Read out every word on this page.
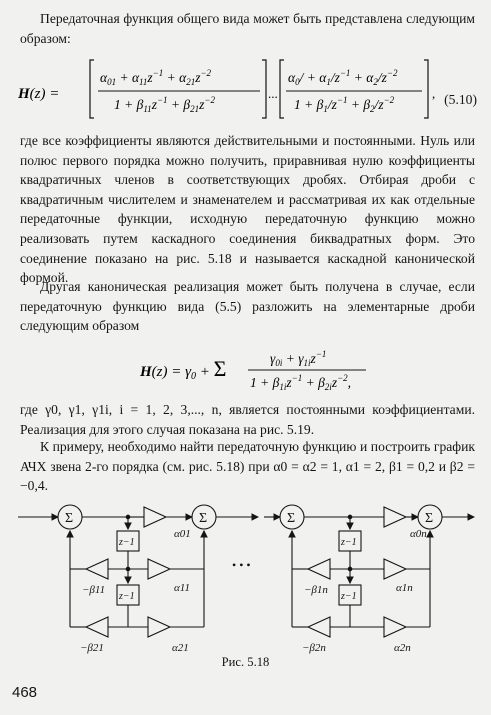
Передаточная функция общего вида может быть представлена следующим образом:

H(z) =
$\alpha_{01} + \alpha_{11}z^{-1} + \alpha_{21}z^{-2}$
$1 + \beta_{11}z^{-1} + \beta_{21}z^{-2}$	...
$\alpha_0/ + \alpha_1/z^{-1} + \alpha_2/z^{-2}$
$1 + \beta_1/z^{-1} + \beta_2/z^{-2}$	, (5.10)

где все коэффициенты являются действительными и постоянными. Нуль или полюс первого порядка можно получить, приравнивая нулю коэффициенты квадратичных членов в соответствующих дробях. Отбирая дроби с квадратичным числителем и знаменателем и рассматривая их как отдельные передаточные функции, исходную передаточную функцию можно реализовать путем каскадного соединения биквадратных форм. Это соединение показано на рис. 5.18 и называется каскадной канонической формой.

Другая каноническая реализация может быть получена в случае, если передаточную функцию вида (5.5) разложить на элементарные дроби следующим образом

$H(z) = \gamma_0 + \Sigma$	$\gamma_{0i} + \gamma_{1i}z^{-1}$
$1 + \beta_{1i}z^{-1} + \beta_{2i}z^{-2}$,

где γ0, γ1, γ1i, i = 1, 2, 3,..., n, является постоянными коэффициентами. Реализация для этого случая показана на рис. 5.19.

К примеру, необходимо найти передаточную функцию и построить график АЧХ звена 2-го порядка (см. рис. 5.18) при α0 = α2 = 1, α1 = 2, β1 = 0,2 и β2 = −0,4.

Σ	Σ	Σ	Σ
z−1
z−1
z−1
z−1
α01
α11
α21
−β11
−β21
α0n
α1n
α2n
−β1n
−β2n
• • •
Рис. 5.18
468
